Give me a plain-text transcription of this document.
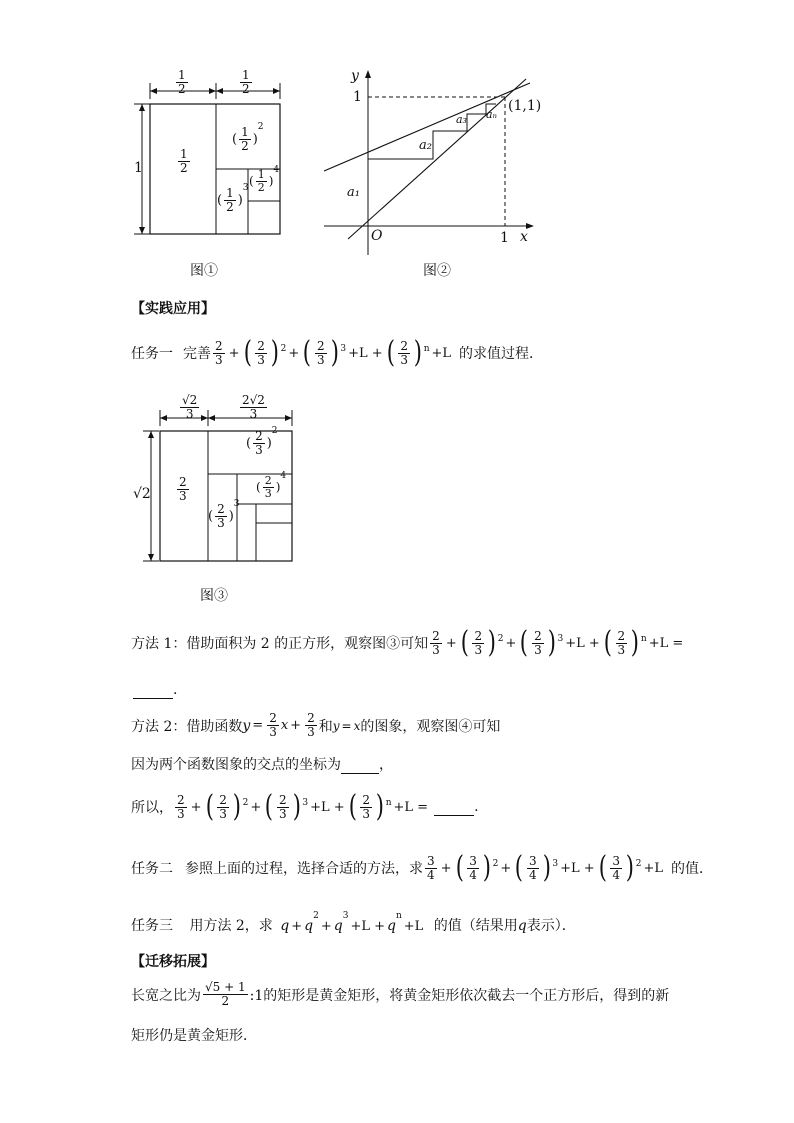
$\frac{1}{2}$	$\frac{1}{2}$
1	$\frac{1}{2}$
( $\frac{1}{2} )^2$
( $\frac{1}{2} )^3$ ( $\frac{1}{2} )^4$
图①
y
x
O
1
1
(1,1)
a₁
a₂
a₃ aₙ
图②
【实践应用】
任务一 完善 $\frac{2}{3}$ + ( $\frac{2}{3}$ ) 2 + ( $\frac{2}{3}$ ) 3 +L + ( $\frac{2}{3}$ ) n +L 的求值过程．
$\frac{√2}{3}$	$\frac{2√2}{3}$
$√2 \frac{2}{3}$
( $\frac{2}{3} )^2$
( $\frac{2}{3} )^3$
( $\frac{2}{3} )^4$
图③
方法 1：借助面积为 2 的正方形，观察图③可知 $\frac{2}{3}$ + ( $\frac{2}{3}$ ) 2 + ( $\frac{2}{3}$ ) 3 +L + ( $\frac{2}{3}$ ) n +L =
.
方法 2：借助函数 $y = \frac{2}{3}$ $x + \frac{2}{3}$ 和 y = x 的图象，观察图④可知
因为两个函数图象的交点的坐标为	，
所以， $\frac{2}{3}$ + ( $\frac{2}{3}$ ) 2 + ( $\frac{2}{3}$ ) 3 +L + ( $\frac{2}{3}$ ) n +L =
	.
任务二 参照上面的过程，选择合适的方法，求 $\frac{3}{4}$ + ( $\frac{3}{4}$ ) 2 + ( $\frac{3}{4}$ ) 3 +L + ( $\frac{3}{4}$ ) 2 +L 的值．
任务三 用方法 2，求 $q + q^2+ q^3+L + q^n+L$ 的值（结果用q表示）．
【迁移拓展】
长宽之比为 $\frac{√5 + 1}{2}$ :1的矩形是黄金矩形，将黄金矩形依次截去一个正方形后，得到的新
矩形仍是黄金矩形．
